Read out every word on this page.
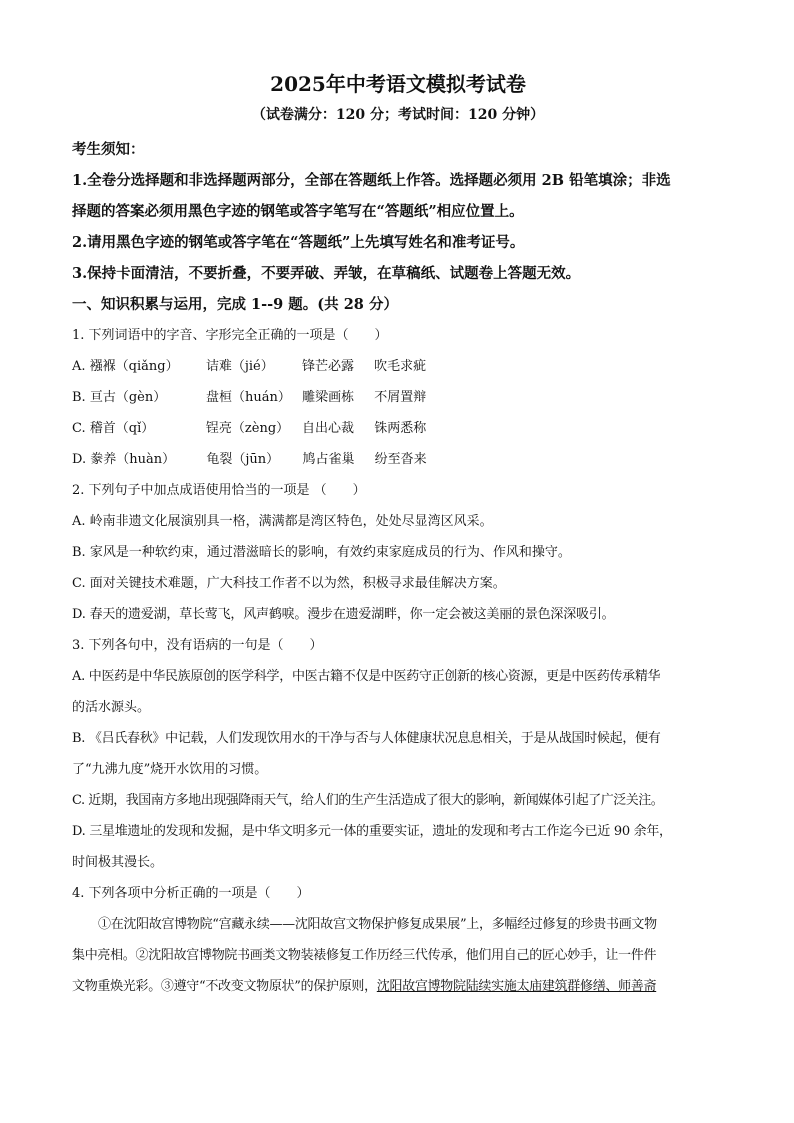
2025年中考语文模拟考试卷
（试卷满分：120 分；考试时间：120 分钟）
考生须知：
1.全卷分选择题和非选择题两部分，全部在答题纸上作答。选择题必须用 2B 铅笔填涂；非选
择题的答案必须用黑色字迹的钢笔或答字笔写在“答题纸”相应位置上。
2.请用黑色字迹的钢笔或答字笔在“答题纸”上先填写姓名和准考证号。
3.保持卡面清洁，不要折叠，不要弄破、弄皱，在草稿纸、试题卷上答题无效。
一、知识积累与运用，完成 1--9 题。(共 28 分）
1. 下列词语中的字音、字形完全正确的一项是（　　）
A. 襁褓（qiǎng） 诘难（jié） 锋芒必露 吹毛求疵
B. 亘古（gèn）	盘桓（huán） 雕梁画栋 不屑置辩
C. 稽首（qǐ）	锃亮（zèng） 自出心裁 铢两悉称
D. 豢养（huàn） 龟裂（jūn） 鸠占雀巢 纷至沓来
2. 下列句子中加点成语使用恰当的一项是 （　　）
A. 岭南非遗文化展演别具一格，满满都是湾区特色，处处尽显湾区风采。
B. 家风是一种软约束，通过潜滋暗长的影响，有效约束家庭成员的行为、作风和操守。
C. 面对关键技术难题，广大科技工作者不以为然，积极寻求最佳解决方案。
D. 春天的遗爱湖，草长莺飞，风声鹤唳。漫步在遗爱湖畔，你一定会被这美丽的景色深深吸引。
3. 下列各句中，没有语病的一句是（　　）
A. 中医药是中华民族原创的医学科学，中医古籍不仅是中医药守正创新的核心资源，更是中医药传承精华
的活水源头。
B. 《吕氏春秋》中记载，人们发现饮用水的干净与否与人体健康状况息息相关，于是从战国时候起，便有
了“九沸九度”烧开水饮用的习惯。
C. 近期，我国南方多地出现强降雨天气，给人们的生产生活造成了很大的影响，新闻媒体引起了广泛关注。
D. 三星堆遗址的发现和发掘，是中华文明多元一体的重要实证，遗址的发现和考古工作迄今已近 90 余年，
时间极其漫长。
4. 下列各项中分析正确的一项是（　　）
①在沈阳故宫博物院“宫藏永续——沈阳故宫文物保护修复成果展”上，多幅经过修复的珍贵书画文物
集中亮相。②沈阳故宫博物院书画类文物装裱修复工作历经三代传承，他们用自己的匠心妙手，让一件件
文物重焕光彩。③遵守“不改变文物原状”的保护原则，沈阳故宫博物院陆续实施太庙建筑群修缮、师善斋
